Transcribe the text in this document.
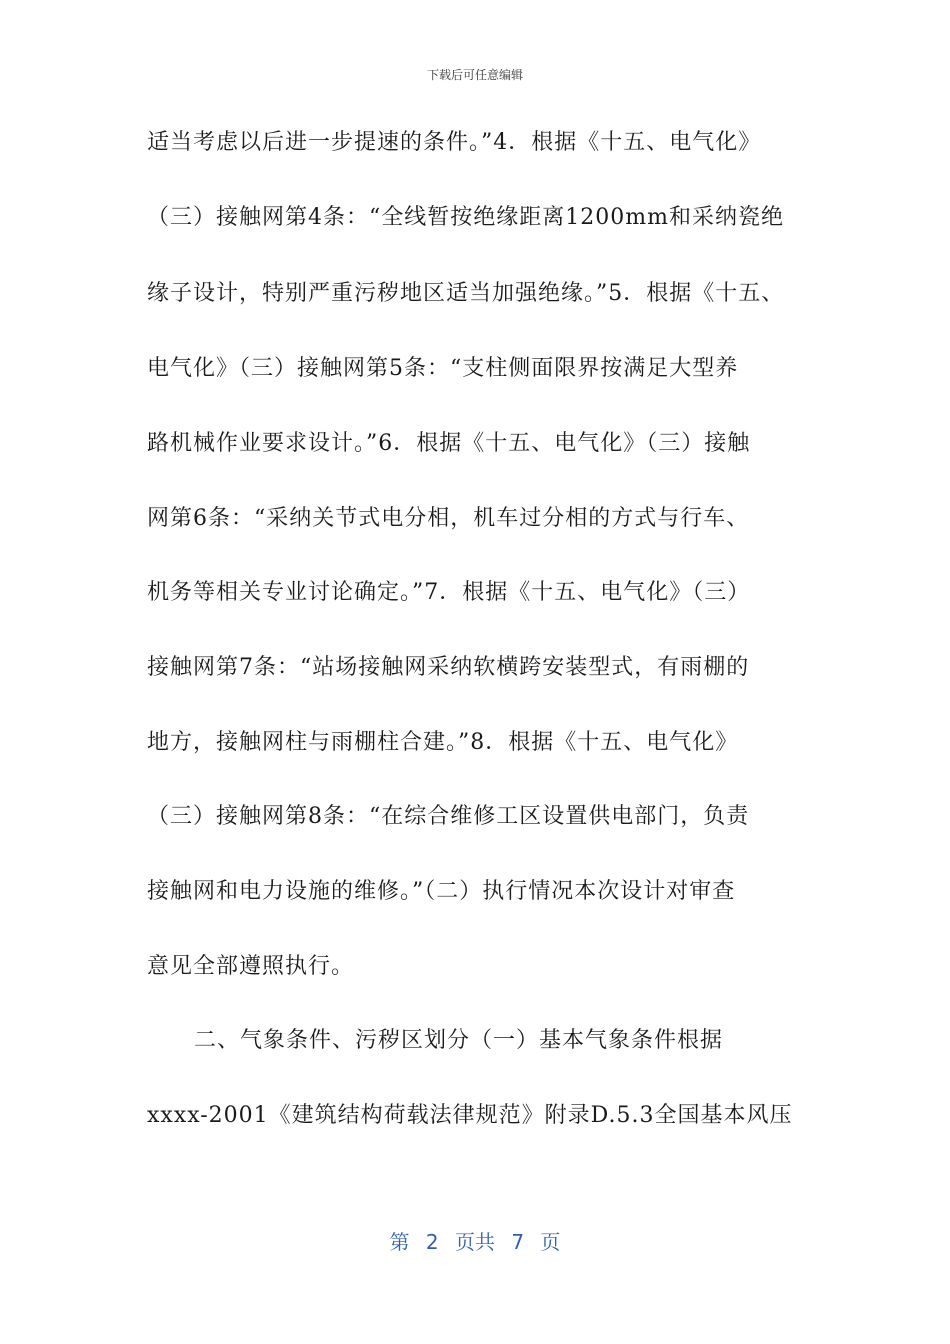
下载后可任意编辑
适当考虑以后进一步提速的条件。”4．根据《十五、电气化》
（三）接触网第4条：“全线暂按绝缘距离1200mm和采纳瓷绝
缘子设计，特别严重污秽地区适当加强绝缘。”5．根据《十五、
电气化》（三）接触网第5条：“支柱侧面限界按满足大型养
路机械作业要求设计。”6．根据《十五、电气化》（三）接触
网第6条：“采纳关节式电分相，机车过分相的方式与行车、
机务等相关专业讨论确定。”7．根据《十五、电气化》（三）
接触网第7条：“站场接触网采纳软横跨安装型式，有雨棚的
地方，接触网柱与雨棚柱合建。”8．根据《十五、电气化》
（三）接触网第8条：“在综合维修工区设置供电部门，负责
接触网和电力设施的维修。”（二）执行情况本次设计对审查
意见全部遵照执行。
二、气象条件、污秽区划分（一）基本气象条件根据
xxxx-2001《建筑结构荷载法律规范》附录D.5.3全国基本风压
第 2 页共 7 页
